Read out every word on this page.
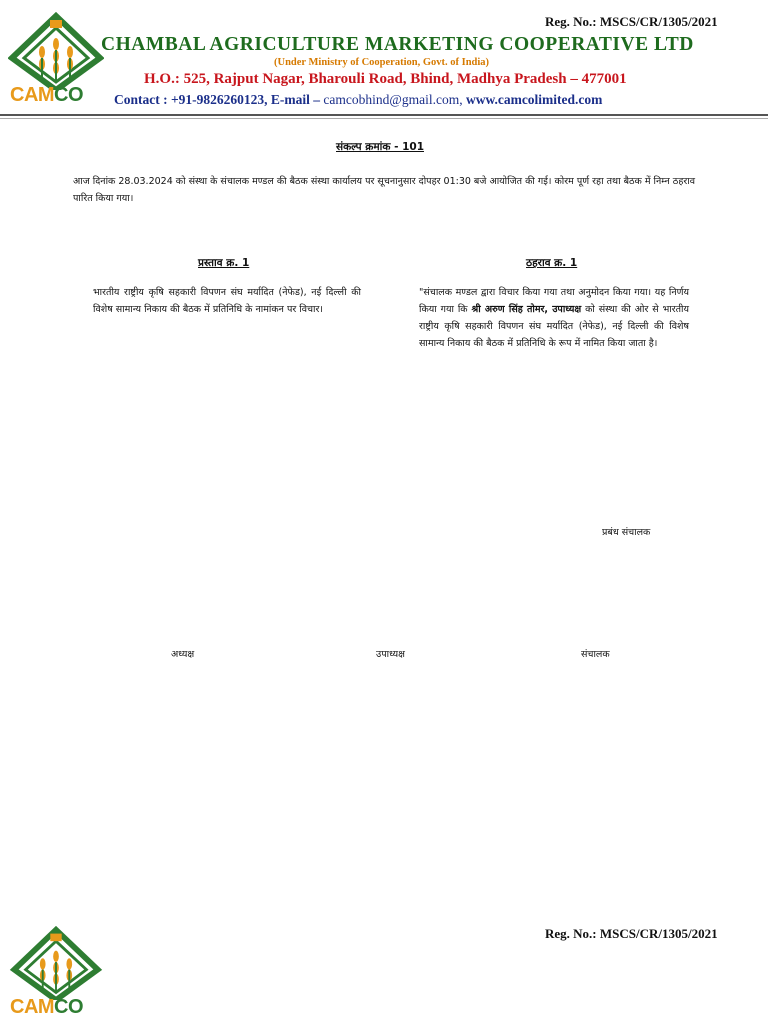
Reg. No.: MSCS/CR/1305/2021
CAMCO
CHAMBAL AGRICULTURE MARKETING COOPERATIVE LTD
(Under Ministry of Cooperation, Govt. of India)
H.O.: 525, Rajput Nagar, Bharouli Road, Bhind, Madhya Pradesh – 477001
Contact : +91-9826260123, E-mail – camcobhind@gmail.com, www.camcolimited.com
संकल्प क्रमांक - 101
आज दिनांक 28.03.2024 को संस्था के संचालक मण्डल की बैठक संस्था कार्यालय पर सूचनानुसार दोपहर 01:30 बजे आयोजित की गई। कोरम पूर्ण रहा तथा बैठक में निम्न ठहराव पारित किया गया।
प्रस्ताव क्र. 1
भारतीय राष्ट्रीय कृषि सहकारी विपणन संघ मर्यादित (नेफेड), नई दिल्ली की विशेष सामान्य निकाय की बैठक में प्रतिनिधि के नामांकन पर विचार।
ठहराव क्र. 1
"संचालक मण्डल द्वारा विचार किया गया तथा अनुमोदन किया गया। यह निर्णय किया गया कि श्री अरुण सिंह तोमर, उपाध्यक्ष को संस्था की ओर से भारतीय राष्ट्रीय कृषि सहकारी विपणन संघ मर्यादित (नेफेड), नई दिल्ली की विशेष सामान्य निकाय की बैठक में प्रतिनिधि के रूप में नामित किया जाता है।
प्रबंध संचालक
अध्यक्ष	उपाध्यक्ष	संचालक
Reg. No.: MSCS/CR/1305/2021
CAMCO
